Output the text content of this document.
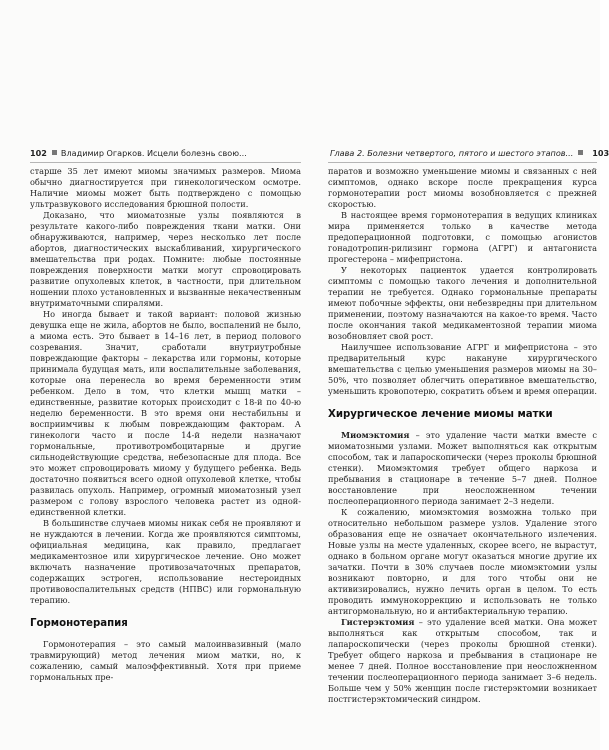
102 Владимир Огарков. Исцели болезнь свою...	Глава 2. Болезни четвертого, пятого и шестого этапов... 103

старше 35 лет имеют миомы значимых размеров. Миома обычно диагностируется при гинекологическом осмотре. Наличие миомы может быть подтверждено с помощью ультразвукового исследования брюшной полости.

Доказано, что миоматозные узлы появляются в результате какого-либо повреждения ткани матки. Они обнаруживаются, например, через несколько лет после абортов, диагностических выскабливаний, хирургического вмешательства при родах. Помните: любые постоянные повреждения поверхности матки могут спровоцировать развитие опухолевых клеток, в частности, при длительном ношении плохо установленных и вызванные некачественным внутриматочными спиралями.

Но иногда бывает и такой вариант: половой жизнью девушка еще не жила, абортов не было, воспалений не было, а миома есть. Это бывает в 14–16 лет, в период полового созревания. Значит, сработали внутриутробные повреждающие факторы – лекарства или гормоны, которые принимала будущая мать, или воспалительные заболевания, которые она перенесла во время беременности этим ребенком. Дело в том, что клетки мышц матки – единственные, развитие которых происходит с 18-й по 40-ю неделю беременности. В это время они нестабильны и восприимчивы к любым повреждающим факторам. А гинекологи часто и после 14-й недели назначают гормональные, противотромбоцитарные и другие сильнодействующие средства, небезопасные для плода. Все это может спровоцировать миому у будущего ребенка. Ведь достаточно появиться всего одной опухолевой клетке, чтобы развилась опухоль. Например, огромный миоматозный узел размером с голову взрослого человека растет из одной-единственной клетки.

В большинстве случаев миомы никак себя не проявляют и не нуждаются в лечении. Когда же проявляются симптомы, официальная медицина, как правило, предлагает медикаментозное или хирургическое лечение. Оно может включать назначение противозачаточных препаратов, содержащих эстроген, использование нестероидных противовоспалительных средств (НПВС) или гормональную терапию.

Гормонотерапия

Гормонотерапия – это самый малоинвазивный (мало травмирующий) метод лечения миом матки, но, к сожалению, самый малоэффективный. Хотя при приеме гормональных пре-

паратов и возможно уменьшение миомы и связанных с ней симптомов, однако вскоре после прекращения курса гормонотерапии рост миомы возобновляется с прежней скоростью.

В настоящее время гормонотерапия в ведущих клиниках мира применяется только в качестве метода предоперационной подготовки, с помощью агонистов гонадотропин-рилизинг гормона (АГРГ) и антагониста прогестерона – мифепристона.

У некоторых пациенток удается контролировать симптомы с помощью такого лечения и дополнительной терапии не требуется. Однако гормональные препараты имеют побочные эффекты, они небезвредны при длительном применении, поэтому назначаются на какое-то время. Часто после окончания такой медикаментозной терапии миома возобновляет свой рост.

Наилучшее использование АГРГ и мифепристона – это предварительный курс накануне хирургического вмешательства с целью уменьшения размеров миомы на 30–50%, что позволяет облегчить оперативное вмешательство, уменьшить кровопотерю, сократить объем и время операции.

Хирургическое лечение миомы матки

Миомэктомия – это удаление части матки вместе с миоматозными узлами. Может выполняться как открытым способом, так и лапароскопически (через проколы брюшной стенки). Миомэктомия требует общего наркоза и пребывания в стационаре в течение 5–7 дней. Полное восстановление при неосложненном течении послеоперационного периода занимает 2–3 недели.

К сожалению, миомэктомия возможна только при относительно небольшом размере узлов. Удаление этого образования еще не означает окончательного излечения. Новые узлы на месте удаленных, скорее всего, не вырастут, однако в больном органе могут оказаться многие другие их зачатки. Почти в 30% случаев после миомэктомии узлы возникают повторно, и для того чтобы они не активизировались, нужно лечить орган в целом. То есть проводить иммунокоррекцию и использовать не только антигормональную, но и антибактериальную терапию.

Гистерэктомия – это удаление всей матки. Она может выполняться как открытым способом, так и лапароскопически (через проколы брюшной стенки). Требует общего наркоза и пребывания в стационаре не менее 7 дней. Полное восстановление при неосложненном течении послеоперационного периода занимает 3–6 недель. Больше чем у 50% женщин после гистерэктомии возникает постгистерэктомический синдром.
